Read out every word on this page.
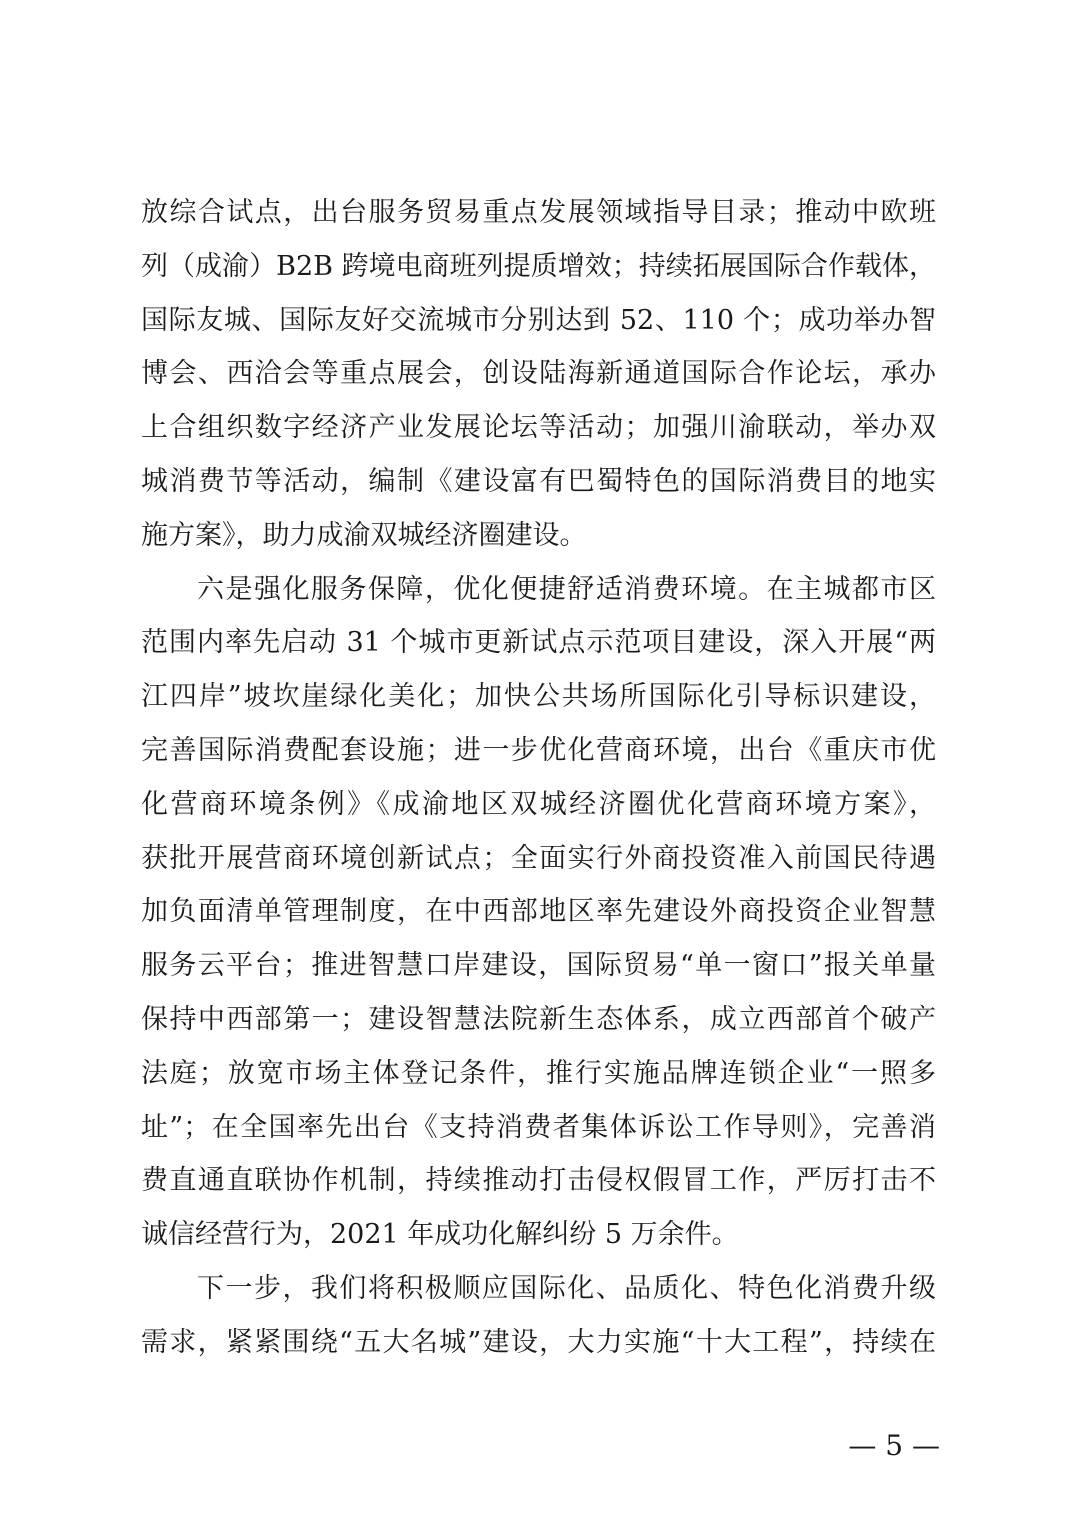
放综合试点，出台服务贸易重点发展领域指导目录；推动中欧班
列（成渝）B2B 跨境电商班列提质增效；持续拓展国际合作载体，
国际友城、国际友好交流城市分别达到 52、110 个；成功举办智
博会、西洽会等重点展会，创设陆海新通道国际合作论坛，承办
上合组织数字经济产业发展论坛等活动；加强川渝联动，举办双
城消费节等活动，编制《建设富有巴蜀特色的国际消费目的地实
施方案》，助力成渝双城经济圈建设。
六是强化服务保障，优化便捷舒适消费环境。在主城都市区
范围内率先启动 31 个城市更新试点示范项目建设，深入开展“两
江四岸”坡坎崖绿化美化；加快公共场所国际化引导标识建设，
完善国际消费配套设施；进一步优化营商环境，出台《重庆市优
化营商环境条例》《成渝地区双城经济圈优化营商环境方案》，
获批开展营商环境创新试点；全面实行外商投资准入前国民待遇
加负面清单管理制度，在中西部地区率先建设外商投资企业智慧
服务云平台；推进智慧口岸建设，国际贸易“单一窗口”报关单量
保持中西部第一；建设智慧法院新生态体系，成立西部首个破产
法庭；放宽市场主体登记条件，推行实施品牌连锁企业“一照多
址”；在全国率先出台《支持消费者集体诉讼工作导则》，完善消
费直通直联协作机制，持续推动打击侵权假冒工作，严厉打击不
诚信经营行为，2021 年成功化解纠纷 5 万余件。
下一步，我们将积极顺应国际化、品质化、特色化消费升级
需求，紧紧围绕“五大名城”建设，大力实施“十大工程”，持续在
— 5 —
